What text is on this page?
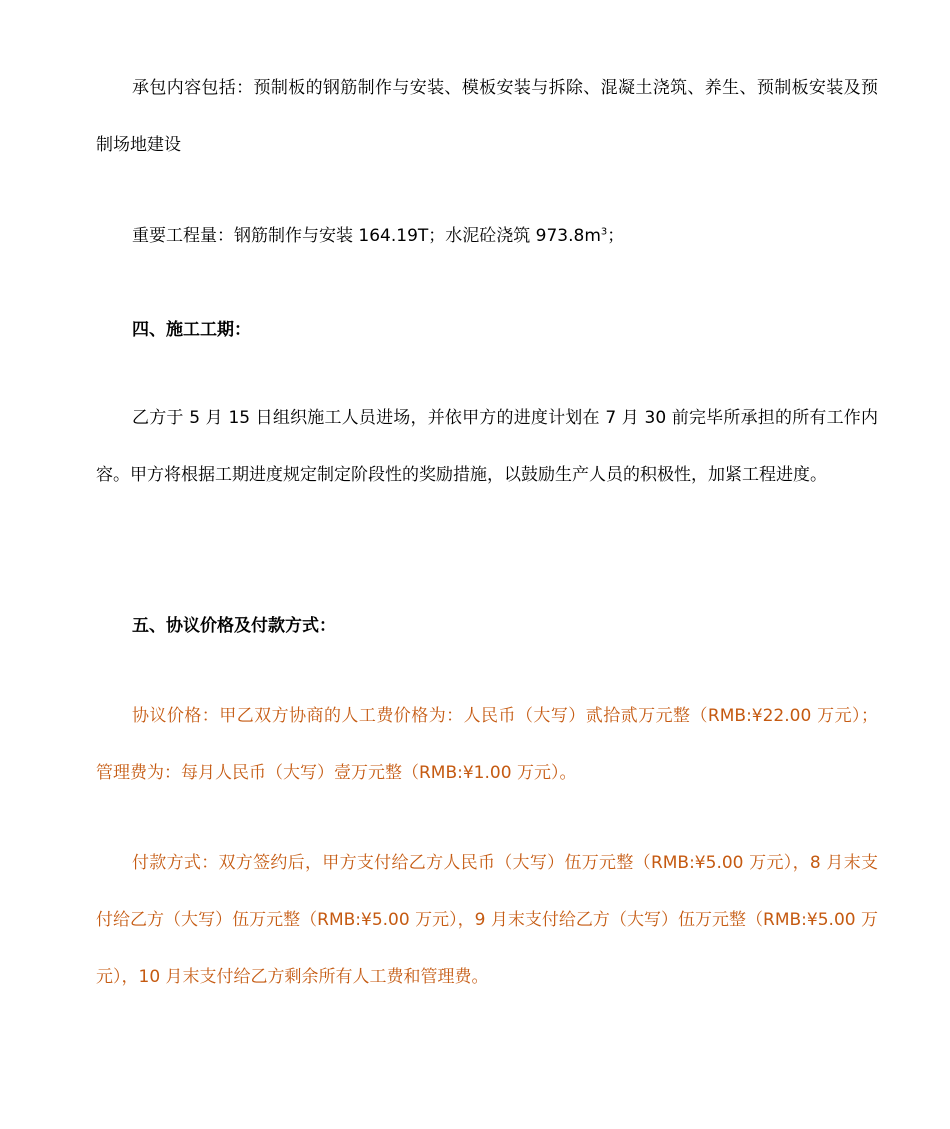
承包内容包括：预制板的钢筋制作与安装、模板安装与拆除、混凝土浇筑、养生、预制板安装及预制场地建设

重要工程量：钢筋制作与安装 164.19T；水泥砼浇筑 $973.8m^3$；

四、施工工期：

乙方于 5 月 15 日组织施工人员进场，并依甲方的进度计划在 7 月 30 前完毕所承担的所有工作内容。甲方将根据工期进度规定制定阶段性的奖励措施，以鼓励生产人员的积极性，加紧工程进度。

五、协议价格及付款方式：

协议价格：甲乙双方协商的人工费价格为：人民币（大写）贰拾贰万元整（RMB:¥22.00 万元）；管理费为：每月人民币（大写）壹万元整（RMB:¥1.00 万元）。

付款方式：双方签约后，甲方支付给乙方人民币（大写）伍万元整（RMB:¥5.00 万元），8 月末支付给乙方（大写）伍万元整（RMB:¥5.00 万元），9 月末支付给乙方（大写）伍万元整（RMB:¥5.00 万元），10 月末支付给乙方剩余所有人工费和管理费。
